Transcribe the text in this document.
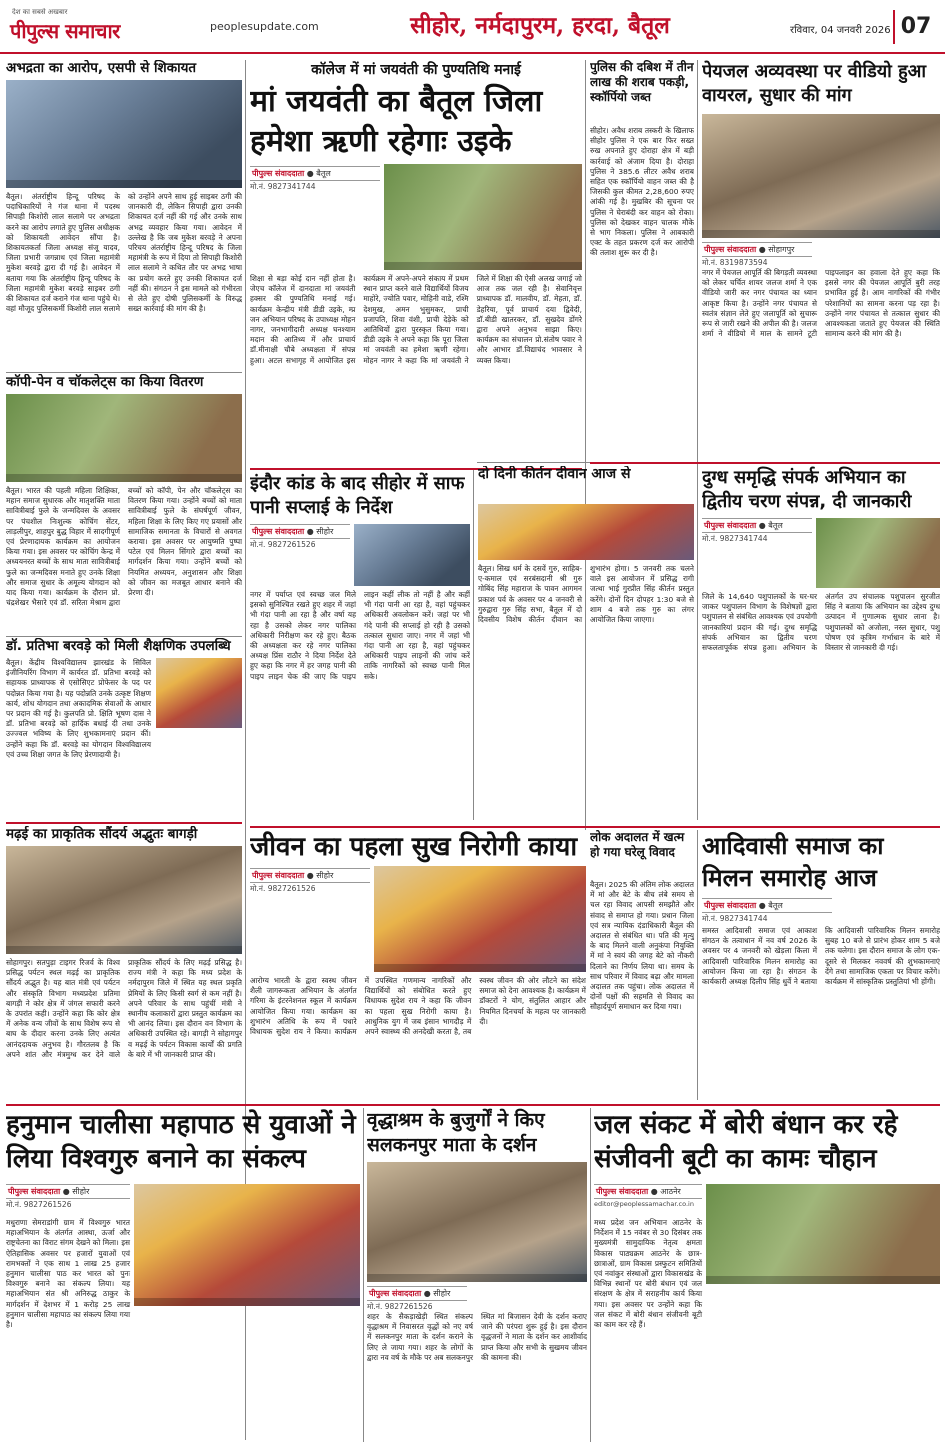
देश का सबसे अखबार
पीपुल्स समाचार	peoplesupdate.com	सीहोर, नर्मदापुरम, हरदा, बैतूल	रविवार, 04 जनवरी 2026 07
अभद्रता का आरोप, एसपी से शिकायत
बैतूल। अंतर्राष्ट्रीय हिन्दू परिषद के पदाधिकारियों ने गंज थाना में पदस्थ सिपाही किशोरी लाल सलामे पर अभद्रता करने का आरोप लगाते हुए पुलिस अधीक्षक को शिकायती आवेदन सौंपा है। शिकायतकर्ता जिला अध्यक्ष संजू यादव, जिला प्रभारी जगन्नाथ एवं जिला महामंत्री मुकेश बरवड़े द्वारा दी गई है। आवेदन में बताया गया कि अंतर्राष्ट्रीय हिन्दू परिषद के जिला महामंत्री मुकेश बरवड़े साइबर ठगी की शिकायत दर्ज कराने गंज थाना पहुंचे थे। वहां मौजूद पुलिसकर्मी किशोरी लाल सलामे को उन्होंने अपने साथ हुई साइबर ठगी की जानकारी दी, लेकिन सिपाही द्वारा उनकी शिकायत दर्ज नहीं की गई और उनके साथ अभद्र व्यवहार किया गया। आवेदन में उल्लेख है कि जब मुकेश बरवड़े ने अपना परिचय अंतर्राष्ट्रीय हिन्दू परिषद के जिला महामंत्री के रूप में दिया तो सिपाही किशोरी लाल सलामे ने कथित तौर पर अभद्र भाषा का प्रयोग करते हुए उनकी शिकायत दर्ज नहीं की। संगठन ने इस मामले को गंभीरता से लेते हुए दोषी पुलिसकर्मी के विरुद्ध सख्त कार्रवाई की मांग की है।
कॉपी-पेन व चॉकलेट्स का किया वितरण
बैतूल। भारत की पहली महिला शिक्षिका, महान समाज सुधारक और मातृशक्ति माता सावित्रीबाई फुले के जन्मदिवस के अवसर पर पंचशील निःशुल्क कोचिंग सेंटर, लाड़लीपुर, शाहपुर बुद्ध विहार में सादगीपूर्ण एवं प्रेरणादायक कार्यक्रम का आयोजन किया गया। इस अवसर पर कोचिंग केन्द्र में अध्ययनरत बच्चों के साथ माता सावित्रीबाई फुले का जन्मदिवस मनाते हुए उनके शिक्षा और समाज सुधार के अमूल्य योगदान को याद किया गया। कार्यक्रम के दौरान प्रो. चंद्रशेखर भैसारे एवं डॉ. सरिता मेश्राम द्वारा बच्चों को कॉपी, पेन और चॉकलेट्स का वितरण किया गया। उन्होंने बच्चों को माता सावित्रीबाई फुले के संघर्षपूर्ण जीवन, महिला शिक्षा के लिए किए गए प्रयासों और सामाजिक समानता के विचारों से अवगत कराया। इस अवसर पर आयुष्मति पुष्पा पटेल एवं मिलन सिंगारे द्वारा बच्चों का मार्गदर्शन किया गया। उन्होंने बच्चों को नियमित अध्ययन, अनुशासन और शिक्षा को जीवन का मजबूत आधार बनाने की प्रेरणा दी।
डॉ. प्रतिभा बरवड़े को मिली शैक्षणिक उपलब्धि
बैतूल। केंद्रीय विश्वविद्यालय झारखंड के सिविल इंजीनियरिंग विभाग में कार्यरत डॉ. प्रतिभा बरवड़े को सहायक प्राध्यापक से एसोसिएट प्रोफेसर के पद पर पदोन्नत किया गया है। यह पदोन्नति उनके उत्कृष्ट शिक्षण कार्य, शोध योगदान तथा अकादमिक सेवाओं के आधार पर प्रदान की गई है। कुलपति प्रो. क्षिति भूषण दास ने डॉ. प्रतिभा बरवड़े को हार्दिक बधाई दी तथा उनके उज्ज्वल भविष्य के लिए शुभकामनाएं प्रदान कीं। उन्होंने कहा कि डॉ. बरवड़े का योगदान विश्वविद्यालय एवं उच्च शिक्षा जगत के लिए प्रेरणादायी है।
मढ़ई का प्राकृतिक सौंदर्य अद्भुतः बागड़ी
सोहागपुर। सतपुड़ा टाइगर रिजर्व के विश्व प्रसिद्ध पर्यटन स्थल मढ़ई का प्राकृतिक सौंदर्य अद्भुत है। यह बात मंत्री एवं पर्यटन और संस्कृति विभाग मध्यप्रदेश प्रतिमा बागड़ी ने कोर क्षेत्र में जंगल सफारी करने के उपरांत कही। उन्होंने कहा कि कोर क्षेत्र में अनेक वन्य जीवों के साथ विशेष रूप से बाघ के दीदार करना उनके लिए अत्यंत आनंददायक अनुभव है। गौरतलब है कि अपने शांत और मंत्रमुग्ध कर देने वाले प्राकृतिक सौंदर्य के लिए मढ़ई प्रसिद्ध है। राज्य मंत्री ने कहा कि मध्य प्रदेश के नर्मदापुरम जिले में स्थित यह स्थल प्रकृति प्रेमियों के लिए किसी स्वर्ग से कम नहीं है। अपने परिवार के साथ पहुंचीं मंत्री ने स्थानीय कलाकारों द्वारा प्रस्तुत कार्यक्रम का भी आनंद लिया। इस दौरान वन विभाग के अधिकारी उपस्थित रहे। बागड़ी ने सोहागपुर व मढ़ई के पर्यटन विकास कार्यों की प्रगति के बारे में भी जानकारी प्राप्त की।
कॉलेज में मां जयवंती की पुण्यतिथि मनाई
मां जयवंती का बैतूल जिला हमेशा ऋणी रहेगाः उइके
पीपुल्स संवाददाता ● बैतूल
मो.नं. 9827341744
शिक्षा से बड़ा कोई दान नहीं होता है। जेएच कॉलेज में दानदाता मां जयवंती हक्सर की पुण्यतिथि मनाई गई। कार्यक्रम केन्द्रीय मंत्री डीडी उइके, म्प्र जन अभियान परिषद के उपाध्यक्ष मोहन नागर, जनभागीदारी अध्यक्ष घनश्याम मदान की आतिथ्य में और प्राचार्य डॉ.मीनाक्षी चौबे अध्यक्षता में संपन्न हुआ। अटल सभागृह में आयोजित इस कार्यक्रम में अपने-अपने संकाय में प्रथम स्थान प्राप्त करने वाले विद्यार्थियों विजय माहोरे, ज्योति पवार, मोहिनी वाडे, रश्मि देशमुख, अमन भुसुमकर, प्राची प्रजापति, शिवा वंशी, प्राची देड़ेके को आतिथियों द्वारा पुरस्कृत किया गया। डीडी उइके ने अपने कहा कि पूरा जिला मां जयवंती का हमेशा ऋणी रहेगा। मोहन नागर ने कहा कि मां जयवंती ने जिले में शिक्षा की ऐसी अलख जगाई जो आज तक जल रही है। सेवानिवृत्त प्राध्यापक डॉ. मालवीय, डॉ. मेहता, डॉ. डेहरिया, पूर्व प्राचार्य दया द्विवेदी, डॉ.बीडी खातरकर, डॉ. सुखदेव डोंगरे द्वारा अपने अनुभव साझा किए। कार्यक्रम का संचालन प्रो.संतोष पवार ने और आभार डॉ.विद्याचंद भावसार ने व्यक्त किया।
इंदौर कांड के बाद सीहोर में साफ पानी सप्लाई के निर्देश
पीपुल्स संवाददाता ● सीहोर
मो.नं. 9827261526
नगर में पर्याप्त एवं स्वच्छ जल मिले इसको सुनिश्चित रखते हुए शहर में जहां भी गंदा पानी आ रहा है और वर्षा यह रहा है उसको लेकर नगर पालिका अधिकारी निरीक्षण कर रहे हुए। बैठक की अध्यक्षता कर रहे नगर पालिका अध्यक्ष प्रिंस राठौर ने दिया निर्देश देते हुए कहा कि नगर में हर जगह पानी की पाइप लाइन चेक की जाए कि पाइप लाइन कहीं लीक तो नहीं है और कहीं भी गंदा पानी आ रहा है, वहां पहुंचकर अधिकारी अवलोकन करें। जहां पर भी गंदे पानी की सप्लाई हो रही है उसको तत्काल सुधारा जाए। नगर में जहां भी गंदा पानी आ रहा है, वहां पहुंचकर अधिकारी पाइप लाइनों की जांच करें ताकि नागरिकों को स्वच्छ पानी मिल सके।
पुलिस की दबिश में तीन लाख की शराब पकड़ी, स्कॉर्पियो जब्त
सीहोर। अवैध शराब तस्करी के खिलाफ सीहोर पुलिस ने एक बार फिर सख्त रुख अपनाते हुए दोराहा क्षेत्र में बड़ी कार्रवाई को अंजाम दिया है। दोराहा पुलिस ने 385.6 लीटर अवैध शराब सहित एक स्कॉर्पियो वाहन जब्त की है जिसकी कुल कीमत 2,28,600 रुपए आंकी गई है। मुखबिर की सूचना पर पुलिस ने घेराबंदी कर वाहन को रोका। पुलिस को देखकर वाहन चालक मौके से भाग निकला। पुलिस ने आबकारी एक्ट के तहत प्रकरण दर्ज कर आरोपी की तलाश शुरू कर दी है।
दो दिनी कीर्तन दीवान आज से
बैतूल। सिख धर्म के दसवें गुरु, साहिब-ए-कमाल एवं सरबंसदानी श्री गुरु गोबिंद सिंह महाराज के पावन आगमन प्रकाश पर्व के अवसर पर 4 जनवरी से गुरुद्वारा गुरु सिंह सभा, बैतूल में दो दिवसीय विशेष कीर्तन दीवान का शुभारंभ होगा। 5 जनवरी तक चलने वाले इस आयोजन में प्रसिद्ध रागी जत्था भाई गुरप्रीत सिंह कीर्तन प्रस्तुत करेंगे। दोनों दिन दोपहर 1:30 बजे से शाम 4 बजे तक गुरु का लंगर आयोजित किया जाएगा।
जीवन का पहला सुख निरोगी काया
पीपुल्स संवाददाता ● सीहोर
मो.नं. 9827261526
आरोग्य भारती के द्वारा स्वस्थ जीवन शैली जागरूकता अभियान के अंतर्गत गरिमा के इंटरनेशनल स्कूल में कार्यक्रम आयोजित किया गया। कार्यक्रम का शुभारंभ अतिथि के रूप में पधारे विधायक सुदेश राय ने किया। कार्यक्रम में उपस्थित गणमान्य नागरिकों और विद्यार्थियों को संबोधित करते हुए विधायक सुदेश राय ने कहा कि जीवन का पहला सुख निरोगी काया है। आधुनिक युग में जब इंसान भागदौड़ में अपने स्वास्थ्य की अनदेखी करता है, तब स्वस्थ जीवन की ओर लौटने का संदेश समाज को देना आवश्यक है। कार्यक्रम में डॉक्टरों ने योग, संतुलित आहार और नियमित दिनचर्या के महत्व पर जानकारी दी।
लोक अदालत में खत्म हो गया घरेलू विवाद
बैतूल। 2025 की अंतिम लोक अदालत में मां और बेटे के बीच लंबे समय से चल रहा विवाद आपसी समझौते और संवाद से समाप्त हो गया। प्रधान जिला एवं सत्र न्यायिक दंडाधिकारी बैतूल की अदालत से संबंधित था। पति की मृत्यु के बाद मिलने वाली अनुकंपा नियुक्ति में मां ने स्वयं की जगह बेटे को नौकरी दिलाने का निर्णय लिया था। समय के साथ परिवार में विवाद बढ़ा और मामला अदालत तक पहुंचा। लोक अदालत में दोनों पक्षों की सहमति से विवाद का सौहार्दपूर्ण समाधान कर दिया गया।
पेयजल अव्यवस्था पर वीडियो हुआ वायरल, सुधार की मांग
पीपुल्स संवाददाता ● सोहागपुर
मो.नं. 8319873594
नगर में पेयजल आपूर्ति की बिगड़ती व्यवस्था को लेकर चर्चित शायर जलज शर्मा ने एक वीडियो जारी कर नगर पंचायत का ध्यान आकृष्ट किया है। उन्होंने नगर पंचायत से स्वतंत्र संज्ञान लेते हुए जलापूर्ति को सुचारू रूप से जारी रखने की अपील की है। जलज शर्मा ने वीडियो में माल के सामने टूटी पाइपलाइन का हवाला देते हुए कहा कि इससे नगर की पेयजल आपूर्ति बुरी तरह प्रभावित हुई है। आम नागरिकों की गंभीर परेशानियों का सामना करना पड़ रहा है। उन्होंने नगर पंचायत से तत्काल सुधार की आवश्यकता जताते हुए पेयजल की स्थिति सामान्य करने की मांग की है।
दुग्ध समृद्धि संपर्क अभियान का द्वितीय चरण संपन्न, दी जानकारी
पीपुल्स संवाददाता ● बैतूल
मो.नं. 9827341744
जिले के 14,640 पशुपालकों के घर-घर जाकर पशुपालन विभाग के विशेषज्ञों द्वारा पशुपालन से संबंधित आवश्यक एवं उपयोगी जानकारियां प्रदान की गई। दुग्ध समृद्धि संपर्क अभियान का द्वितीय चरण सफलतापूर्वक संपन्न हुआ। अभियान के अंतर्गत उप संचालक पशुपालन सुरजीत सिंह ने बताया कि अभियान का उद्देश्य दुग्ध उत्पादन में गुणात्मक सुधार लाना है। पशुपालकों को अजोला, नस्ल सुधार, पशु पोषण एवं कृत्रिम गर्भाधान के बारे में विस्तार से जानकारी दी गई।
आदिवासी समाज का मिलन समारोह आज
पीपुल्स संवाददाता ● बैतूल
मो.नं. 9827341744
समस्त आदिवासी समाज एवं आकाश संगठन के तत्वाधान में नव वर्ष 2026 के अवसर पर 4 जनवरी को खेड़ला किला में आदिवासी पारिवारिक मिलन समारोह का आयोजन किया जा रहा है। संगठन के कार्यकारी अध्यक्ष दिलीप सिंह धुर्वे ने बताया कि आदिवासी पारिवारिक मिलन समारोह सुबह 10 बजे से प्रारंभ होकर शाम 5 बजे तक चलेगा। इस दौरान समाज के लोग एक-दूसरे से मिलकर नववर्ष की शुभकामनाएं देंगे तथा सामाजिक एकता पर विचार करेंगे। कार्यक्रम में सांस्कृतिक प्रस्तुतियां भी होंगी।
हनुमान चालीसा महापाठ से युवाओं ने लिया विश्वगुरु बनाने का संकल्प
पीपुल्स संवाददाता ● सीहोर
मो.नं. 9827261526
मधुराणा सेमराडांगी ग्राम में विश्वगुरु भारत महाअभियान के अंतर्गत आस्था, ऊर्जा और राष्ट्रचेतना का विराट संगम देखने को मिला। इस ऐतिहासिक अवसर पर हजारों युवाओं एवं रामभक्तों ने एक साथ 1 लाख 25 हजार हनुमान चालीसा पाठ कर भारत को पुनः विश्वगुरु बनाने का संकल्प लिया। यह महाअभियान संत श्री अनिरुद्ध ठाकुर के मार्गदर्शन में देशभर में 1 करोड़ 25 लाख हनुमान चालीसा महापाठ का संकल्प लिया गया है।
वृद्धाश्रम के बुजुर्गों ने किए सलकनपुर माता के दर्शन
पीपुल्स संवाददाता ● सीहोर
मो.नं. 9827261526
शहर के सैकड़ाखेड़ी स्थित संकल्प वृद्धाश्रम में निवासरत वृद्धों को नए वर्ष में सलकनपुर माता के दर्शन कराने के लिए ले जाया गया। शहर के लोगों के द्वारा नव वर्ष के मौके पर अब सलकनपुर स्थित मां बिजासन देवी के दर्शन कराए जाने की परंपरा शुरू हुई है। इस दौरान वृद्धजनों ने माता के दर्शन कर आशीर्वाद प्राप्त किया और सभी के सुखमय जीवन की कामना की।
जल संकट में बोरी बंधान कर रहे संजीवनी बूटी का कामः चौहान
पीपुल्स संवाददाता ● आठनेर
editor@peoplessamachar.co.in
मध्य प्रदेश जन अभियान आठनेर के निर्देशन में 15 नवंबर से 30 दिसंबर तक मुख्यमंत्री सामुदायिक नेतृत्व क्षमता विकास पाठ्यक्रम आठनेर के छात्र-छात्राओं, ग्राम विकास प्रस्फुटन समितियों एवं नवांकुर संस्थाओं द्वारा विकासखंड के विभिन्न स्थानों पर बोरी बंधान एवं जल संरक्षण के क्षेत्र में सराहनीय कार्य किया गया। इस अवसर पर उन्होंने कहा कि जल संकट में बोरी बंधान संजीवनी बूटी का काम कर रहे हैं।
